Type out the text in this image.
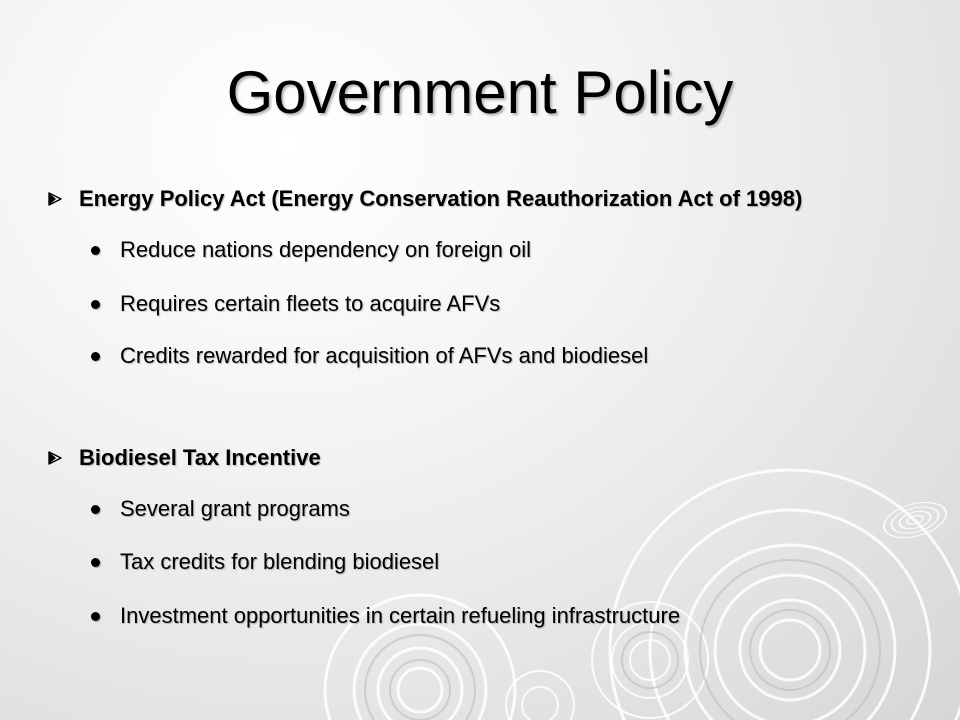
Government Policy
Energy Policy Act (Energy Conservation Reauthorization Act of 1998)
Reduce nations dependency on foreign oil
Requires certain fleets to acquire AFVs
Credits rewarded for acquisition of AFVs and biodiesel
Biodiesel Tax Incentive
Several grant programs
Tax credits for blending biodiesel
Investment opportunities in certain refueling infrastructure
